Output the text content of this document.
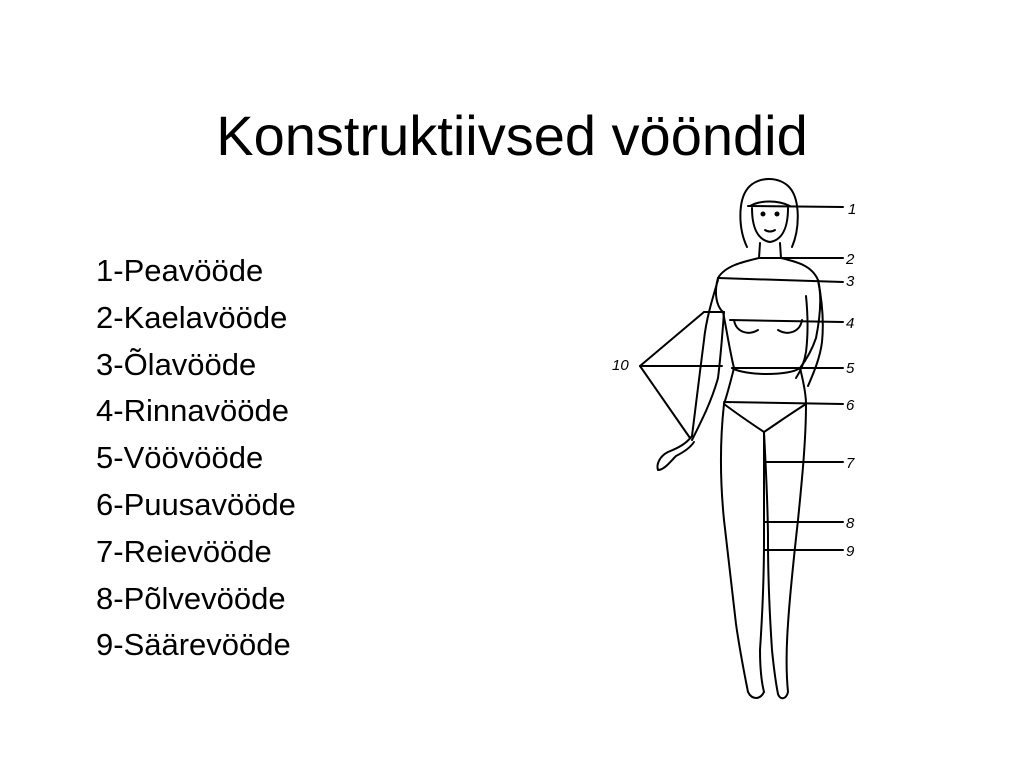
Konstruktiivsed vööndid
1-Peavööde
2-Kaelavööde
3-Õlavööde
4-Rinnavööde
5-Vöövööde
6-Puusavööde
7-Reievööde
8-Põlvevööde
9-Säärevööde
1
2
3
4
5
6
7
8
9
10
